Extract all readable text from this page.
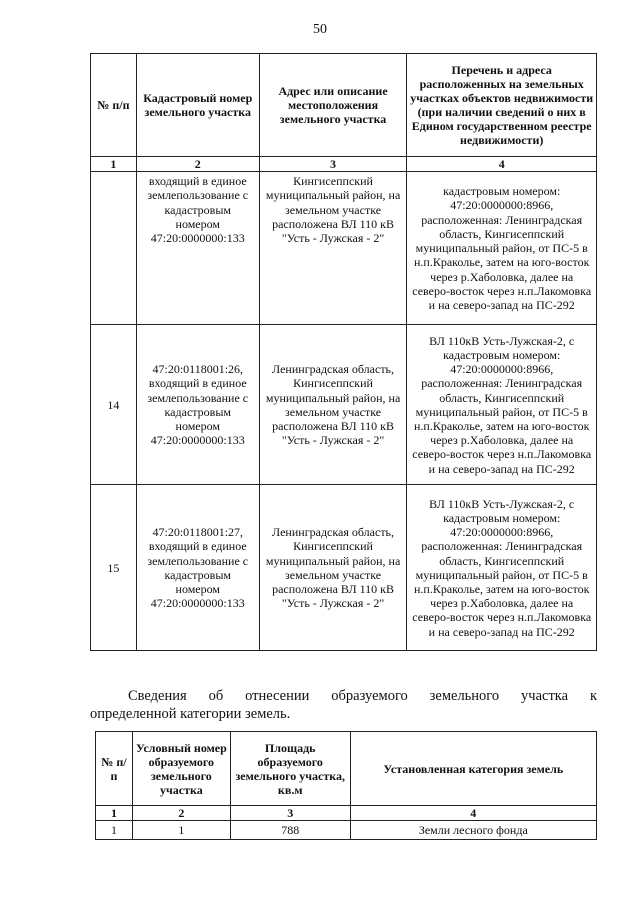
50
№ п/п	Кадастровый номер земельного участка	Адрес или описание местоположения земельного участка	Перечень и адреса расположенных на земельных участках объектов недвижимости (при наличии сведений о них в Едином государственном реестре недвижимости)
1	2	3	4
	входящий в единое землепользование с кадастровым номером 47:20:0000000:133	Кингисеппский муниципальный район, на земельном участке расположена ВЛ 110 кВ "Усть - Лужская - 2"	кадастровым номером: 47:20:0000000:8966, расположенная: Ленинградская область, Кингисеппский муниципальный район, от ПС-5 в н.п.Краколье, затем на юго-восток через р.Хаболовка, далее на северо-восток через н.п.Лакомовка и на северо-запад на ПС-292
14	47:20:0118001:26, входящий в единое землепользование с кадастровым номером 47:20:0000000:133	Ленинградская область, Кингисеппский муниципальный район, на земельном участке расположена ВЛ 110 кВ "Усть - Лужская - 2"	ВЛ 110кВ Усть-Лужская-2, с кадастровым номером: 47:20:0000000:8966, расположенная: Ленинградская область, Кингисеппский муниципальный район, от ПС-5 в н.п.Краколье, затем на юго-восток через р.Хаболовка, далее на северо-восток через н.п.Лакомовка и на северо-запад на ПС-292
15	47:20:0118001:27, входящий в единое землепользование с кадастровым номером 47:20:0000000:133	Ленинградская область, Кингисеппский муниципальный район, на земельном участке расположена ВЛ 110 кВ "Усть - Лужская - 2"	ВЛ 110кВ Усть-Лужская-2, с кадастровым номером: 47:20:0000000:8966, расположенная: Ленинградская область, Кингисеппский муниципальный район, от ПС-5 в н.п.Краколье, затем на юго-восток через р.Хаболовка, далее на северо-восток через н.п.Лакомовка и на северо-запад на ПС-292
Сведения об отнесении образуемого земельного участка к
определенной категории земель.
№ п/п	Условный номер образуемого земельного участка	Площадь образуемого земельного участка, кв.м	Установленная категория земель
1	2	3	4
1	1	788	Земли лесного фонда
